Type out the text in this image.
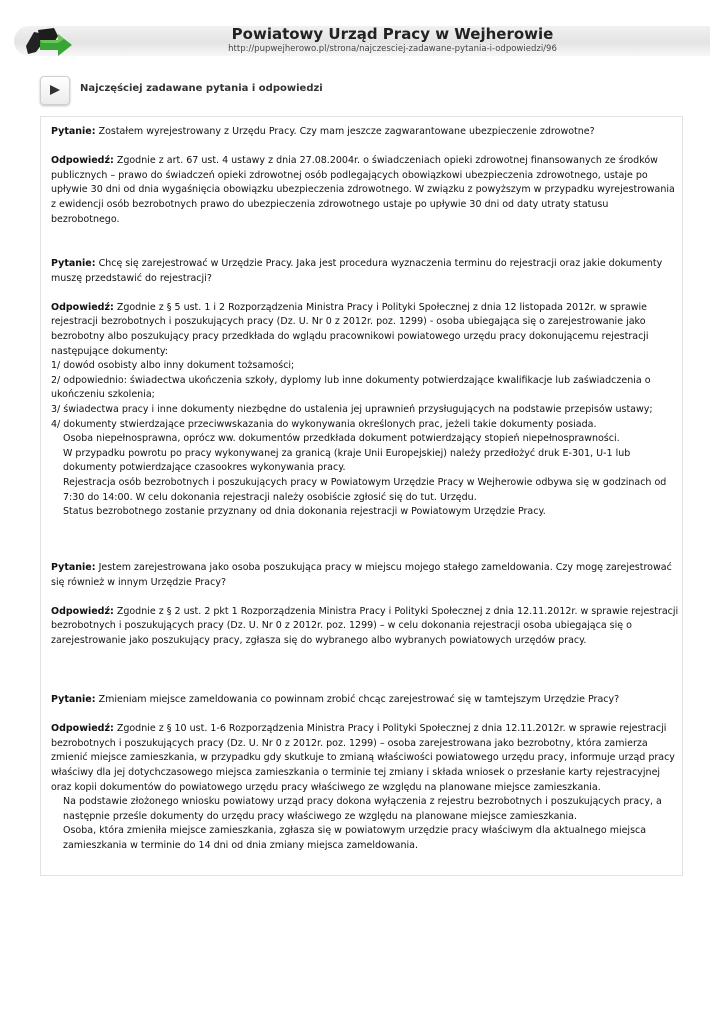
Powiatowy Urząd Pracy w Wejherowie
http://pupwejherowo.pl/strona/najczesciej-zadawane-pytania-i-odpowiedzi/96
Najczęściej zadawane pytania i odpowiedzi

Pytanie: Zostałem wyrejestrowany z Urzędu Pracy. Czy mam jeszcze zagwarantowane ubezpieczenie zdrowotne?

Odpowiedź: Zgodnie z art. 67 ust. 4 ustawy z dnia 27.08.2004r. o świadczeniach opieki zdrowotnej finansowanych ze środków publicznych – prawo do świadczeń opieki zdrowotnej osób podlegających obowiązkowi ubezpieczenia zdrowotnego, ustaje po upływie 30 dni od dnia wygaśnięcia obowiązku ubezpieczenia zdrowotnego. W związku z powyższym w przypadku wyrejestrowania z ewidencji osób bezrobotnych prawo do ubezpieczenia zdrowotnego ustaje po upływie 30 dni od daty utraty statusu bezrobotnego.

Pytanie: Chcę się zarejestrować w Urzędzie Pracy. Jaka jest procedura wyznaczenia terminu do rejestracji oraz jakie dokumenty muszę przedstawić do rejestracji?

Odpowiedź: Zgodnie z § 5 ust. 1 i 2 Rozporządzenia Ministra Pracy i Polityki Społecznej z dnia 12 listopada 2012r. w sprawie rejestracji bezrobotnych i poszukujących pracy (Dz. U. Nr 0 z 2012r. poz. 1299) - osoba ubiegająca się o zarejestrowanie jako bezrobotny albo poszukujący pracy przedkłada do wglądu pracownikowi powiatowego urzędu pracy dokonującemu rejestracji następujące dokumenty:

1/ dowód osobisty albo inny dokument tożsamości;

2/ odpowiednio: świadectwa ukończenia szkoły, dyplomy lub inne dokumenty potwierdzające kwalifikacje lub zaświadczenia o ukończeniu szkolenia;

3/ świadectwa pracy i inne dokumenty niezbędne do ustalenia jej uprawnień przysługujących na podstawie przepisów ustawy;

4/ dokumenty stwierdzające przeciwwskazania do wykonywania określonych prac, jeżeli takie dokumenty posiada.

Osoba niepełnosprawna, oprócz ww. dokumentów przedkłada dokument potwierdzający stopień niepełnosprawności.

W przypadku powrotu po pracy wykonywanej za granicą (kraje Unii Europejskiej) należy przedłożyć druk E-301, U-1 lub dokumenty potwierdzające czasookres wykonywania pracy.

Rejestracja osób bezrobotnych i poszukujących pracy w Powiatowym Urzędzie Pracy w Wejherowie odbywa się w godzinach od 7:30 do 14:00. W celu dokonania rejestracji należy osobiście zgłosić się do tut. Urzędu.

Status bezrobotnego zostanie przyznany od dnia dokonania rejestracji w Powiatowym Urzędzie Pracy.

Pytanie: Jestem zarejestrowana jako osoba poszukująca pracy w miejscu mojego stałego zameldowania. Czy mogę zarejestrować się również w innym Urzędzie Pracy?

Odpowiedź: Zgodnie z § 2 ust. 2 pkt 1 Rozporządzenia Ministra Pracy i Polityki Społecznej z dnia 12.11.2012r. w sprawie rejestracji bezrobotnych i poszukujących pracy (Dz. U. Nr 0 z 2012r. poz. 1299) – w celu dokonania rejestracji osoba ubiegająca się o zarejestrowanie jako poszukujący pracy, zgłasza się do wybranego albo wybranych powiatowych urzędów pracy.

Pytanie: Zmieniam miejsce zameldowania co powinnam zrobić chcąc zarejestrować się w tamtejszym Urzędzie Pracy?

Odpowiedź: Zgodnie z § 10 ust. 1-6 Rozporządzenia Ministra Pracy i Polityki Społecznej z dnia 12.11.2012r. w sprawie rejestracji bezrobotnych i poszukujących pracy (Dz. U. Nr 0 z 2012r. poz. 1299) – osoba zarejestrowana jako bezrobotny, która zamierza zmienić miejsce zamieszkania, w przypadku gdy skutkuje to zmianą właściwości powiatowego urzędu pracy, informuje urząd pracy właściwy dla jej dotychczasowego miejsca zamieszkania o terminie tej zmiany i składa wniosek o przesłanie karty rejestracyjnej oraz kopii dokumentów do powiatowego urzędu pracy właściwego ze względu na planowane miejsce zamieszkania.

Na podstawie złożonego wniosku powiatowy urząd pracy dokona wyłączenia z rejestru bezrobotnych i poszukujących pracy, a następnie prześle dokumenty do urzędu pracy właściwego ze względu na planowane miejsce zamieszkania.

Osoba, która zmieniła miejsce zamieszkania, zgłasza się w powiatowym urzędzie pracy właściwym dla aktualnego miejsca zamieszkania w terminie do 14 dni od dnia zmiany miejsca zameldowania.
